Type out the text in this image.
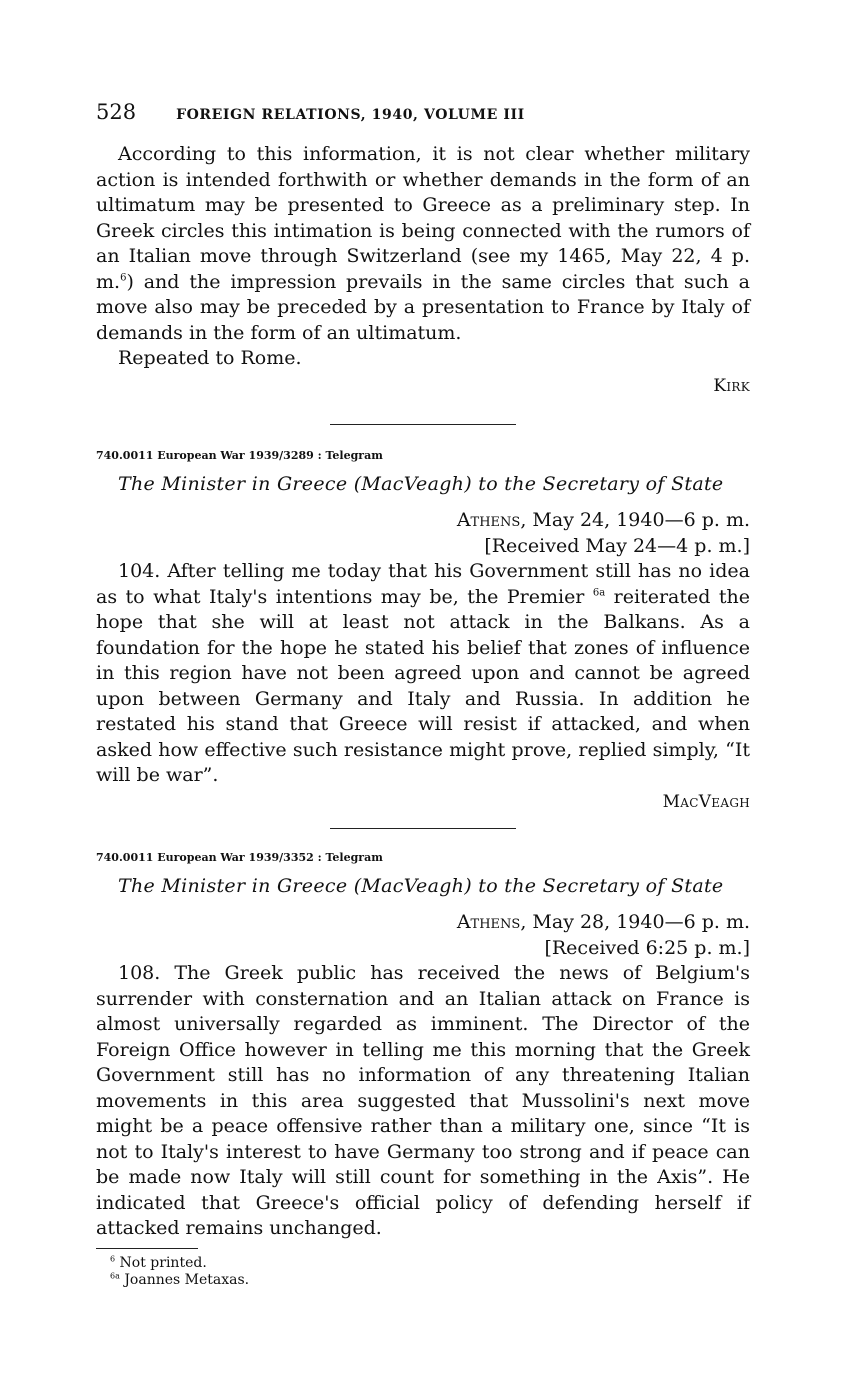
528	FOREIGN RELATIONS, 1940, VOLUME III

According to this information, it is not clear whether military action is intended forthwith or whether demands in the form of an ultimatum may be presented to Greece as a preliminary step. In Greek circles this intimation is being connected with the rumors of an Italian move through Switzerland (see my 1465, May 22, 4 p. m.$^6$) and the impression prevails in the same circles that such a move also may be preceded by a presentation to France by Italy of demands in the form of an ultimatum.

Repeated to Rome.

Kirk
740.0011 European War 1939/3289 : Telegram
The Minister in Greece (MacVeagh) to the Secretary of State
Athens, May 24, 1940—6 p. m.
[Received May 24—4 p. m.]

104. After telling me today that his Government still has no idea as to what Italy's intentions may be, the Premier $^{6a}$ reiterated the hope that she will at least not attack in the Balkans. As a foundation for the hope he stated his belief that zones of influence in this region have not been agreed upon and cannot be agreed upon between Germany and Italy and Russia. In addition he restated his stand that Greece will resist if attacked, and when asked how effective such resistance might prove, replied simply, “It will be war”.

MacVeagh
740.0011 European War 1939/3352 : Telegram
The Minister in Greece (MacVeagh) to the Secretary of State
Athens, May 28, 1940—6 p. m.
[Received 6:25 p. m.]

108. The Greek public has received the news of Belgium's surrender with consternation and an Italian attack on France is almost universally regarded as imminent. The Director of the Foreign Office however in telling me this morning that the Greek Government still has no information of any threatening Italian movements in this area suggested that Mussolini's next move might be a peace offensive rather than a military one, since “It is not to Italy's interest to have Germany too strong and if peace can be made now Italy will still count for something in the Axis”. He indicated that Greece's official policy of defending herself if attacked remains unchanged.

$^6$ Not printed.
$^{6a}$ Joannes Metaxas.
